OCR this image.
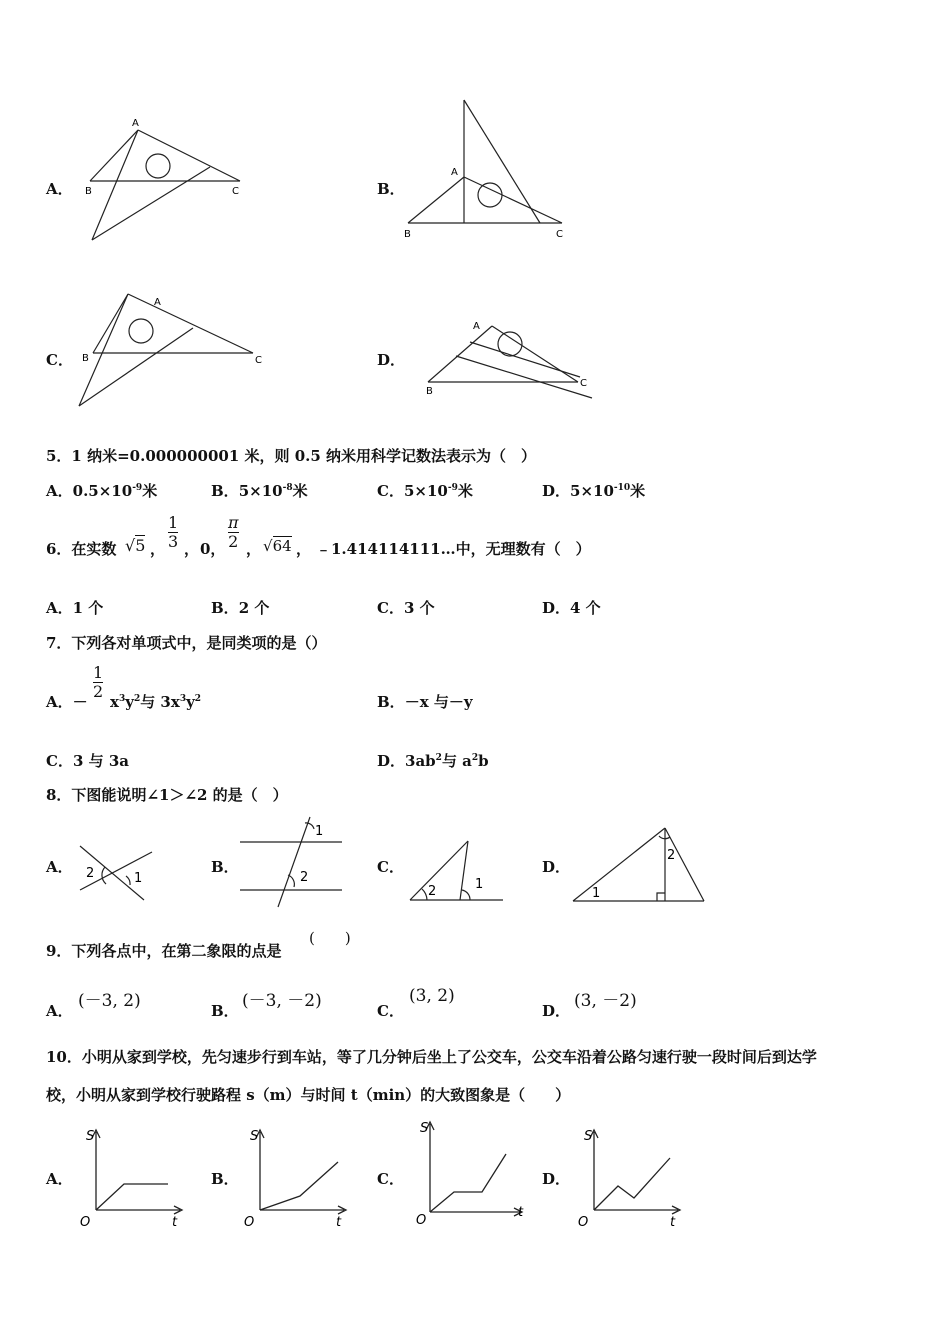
A．
A
B	C	B．
A
B	C
C．
A
B	C	D．
A
B
C
5．1 纳米=0.000000001 米，则 0.5 纳米用科学记数法表示为（　）
A．$0.5\times 10^{-9}$米	B．$5\times 10^{-8}$米	C．$5\times 10^{-9}$米	D．$5\times 10^{-10}$米
6．在实数 √5 ， $\frac{1}{3}$ ， 0， $\frac{\pi}{2}$ ， √64 ， ﹣1.414114111…中，无理数有（　）
A．1 个	B．2 个	C．3 个	D．4 个
7．下列各对单项式中，是同类项的是（）
A．－
$\frac{1}{2}$
$x^3y^2$与 $3x^3y^2$	B．－x 与－y
C．3 与 3a	D．$3ab^2$与 $a^2b$
8．下图能说明∠1＞∠2 的是（　）
A． 2	1
B．
1
2
C．
2	1
D．
1
2
9．下列各点中，在第二象限的点是
(　　)
A． (－3, 2)	B． (－3, －2)	C．
(3, 2)
D． (3, －2)
10．小明从家到学校，先匀速步行到车站，等了几分钟后坐上了公交车，公交车沿着公路匀速行驶一段时间后到达学
校，小明从家到学校行驶路程 s（m）与时间 t（min）的大致图象是（　　）
A．
S
t
O
B．
S
t
O
C．
S
t
O
D．
S
t
O
